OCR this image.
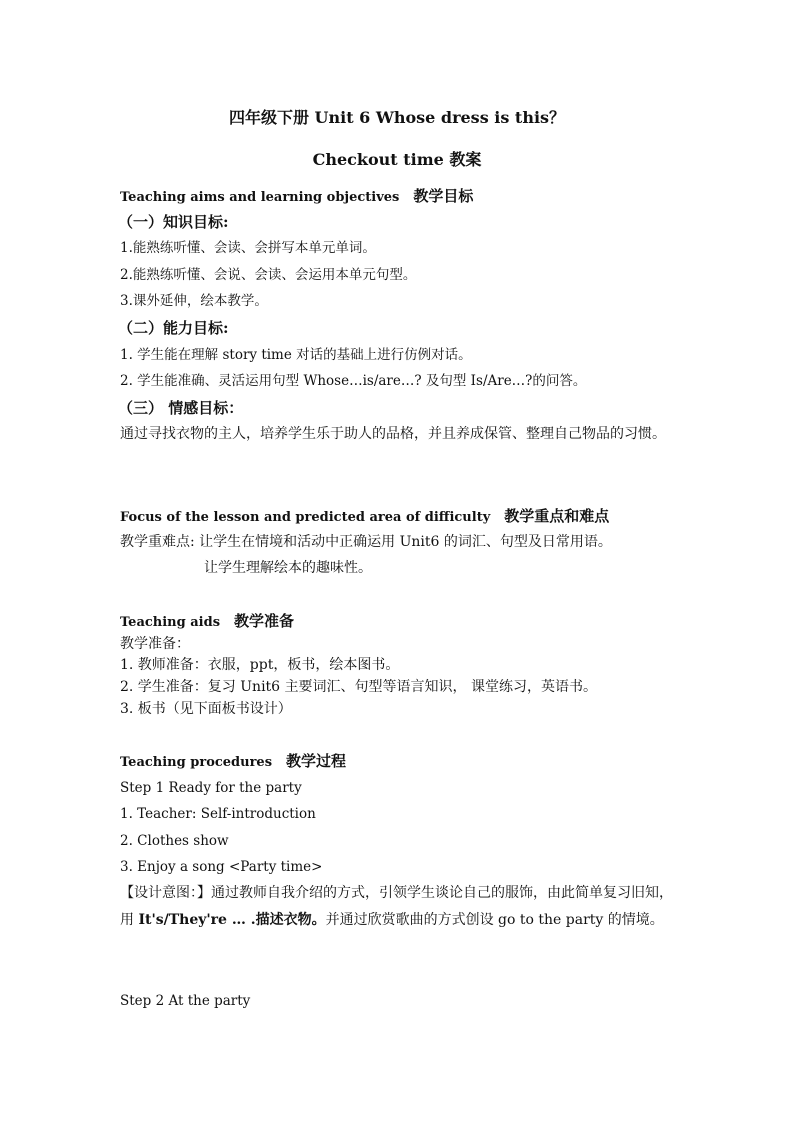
四年级下册 Unit 6 Whose dress is this？
Checkout time 教案
Teaching aims and learning objectives 教学目标
（一）知识目标:
1.能熟练听懂、会读、会拼写本单元单词。
2.能熟练听懂、会说、会读、会运用本单元句型。
3.课外延伸，绘本教学。
（二）能力目标:
1. 学生能在理解 story time 对话的基础上进行仿例对话。
2. 学生能准确、灵活运用句型 Whose…is/are…? 及句型 Is/Are…?的问答。
（三） 情感目标：
通过寻找衣物的主人，培养学生乐于助人的品格，并且养成保管、整理自己物品的习惯。
Focus of the lesson and predicted area of difficulty 教学重点和难点
教学重难点: 让学生在情境和活动中正确运用 Unit6 的词汇、句型及日常用语。
让学生理解绘本的趣味性。
Teaching aids 教学准备
教学准备：
1. 教师准备：衣服，ppt，板书，绘本图书。
2. 学生准备：复习 Unit6 主要词汇、句型等语言知识， 课堂练习，英语书。
3. 板书（见下面板书设计）
Teaching procedures 教学过程
Step 1 Ready for the party
1. Teacher: Self-introduction
2. Clothes show
3. Enjoy a song <Party time>
【设计意图：】通过教师自我介绍的方式，引领学生谈论自己的服饰，由此简单复习旧知，用 It's/They're … .描述衣物。并通过欣赏歌曲的方式创设 go to the party 的情境。
Step 2 At the party
